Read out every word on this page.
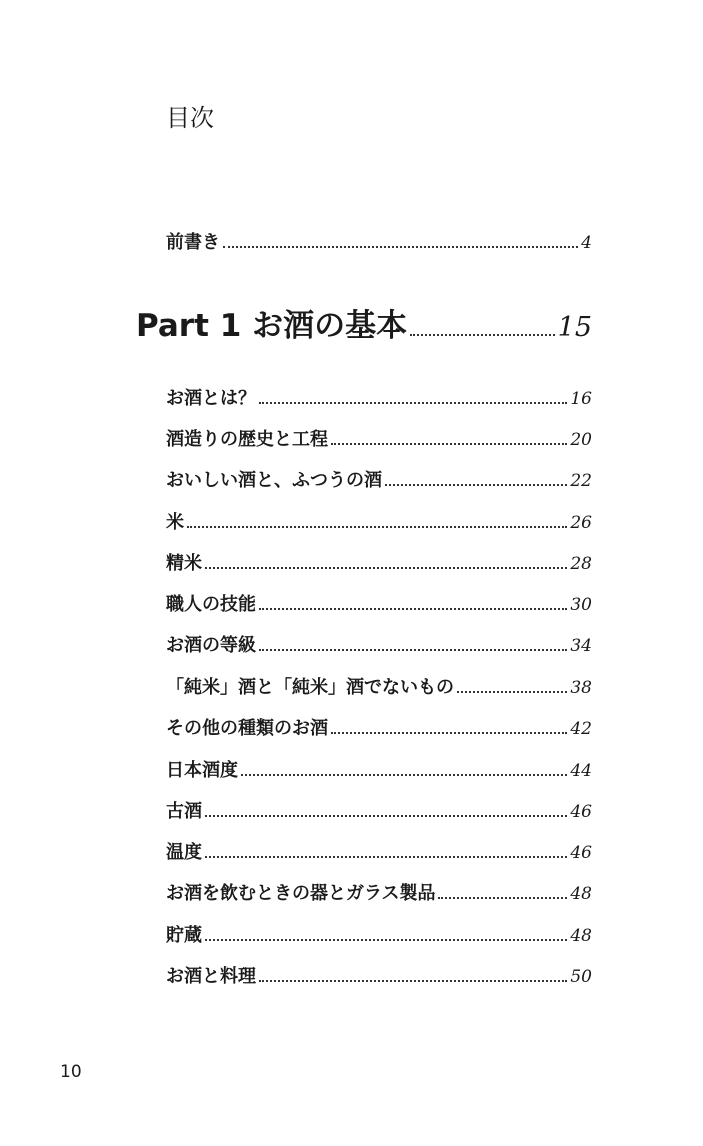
目次
前書き	4
Part 1 お酒の基本	15
お酒とは？	16
酒造りの歴史と工程	20
おいしい酒と、ふつうの酒	22
米	26
精米	28
職人の技能	30
お酒の等級	34
「純米」酒と「純米」酒でないもの	38
その他の種類のお酒	42
日本酒度	44
古酒	46
温度	46
お酒を飲むときの器とガラス製品	48
貯蔵	48
お酒と料理	50
10
